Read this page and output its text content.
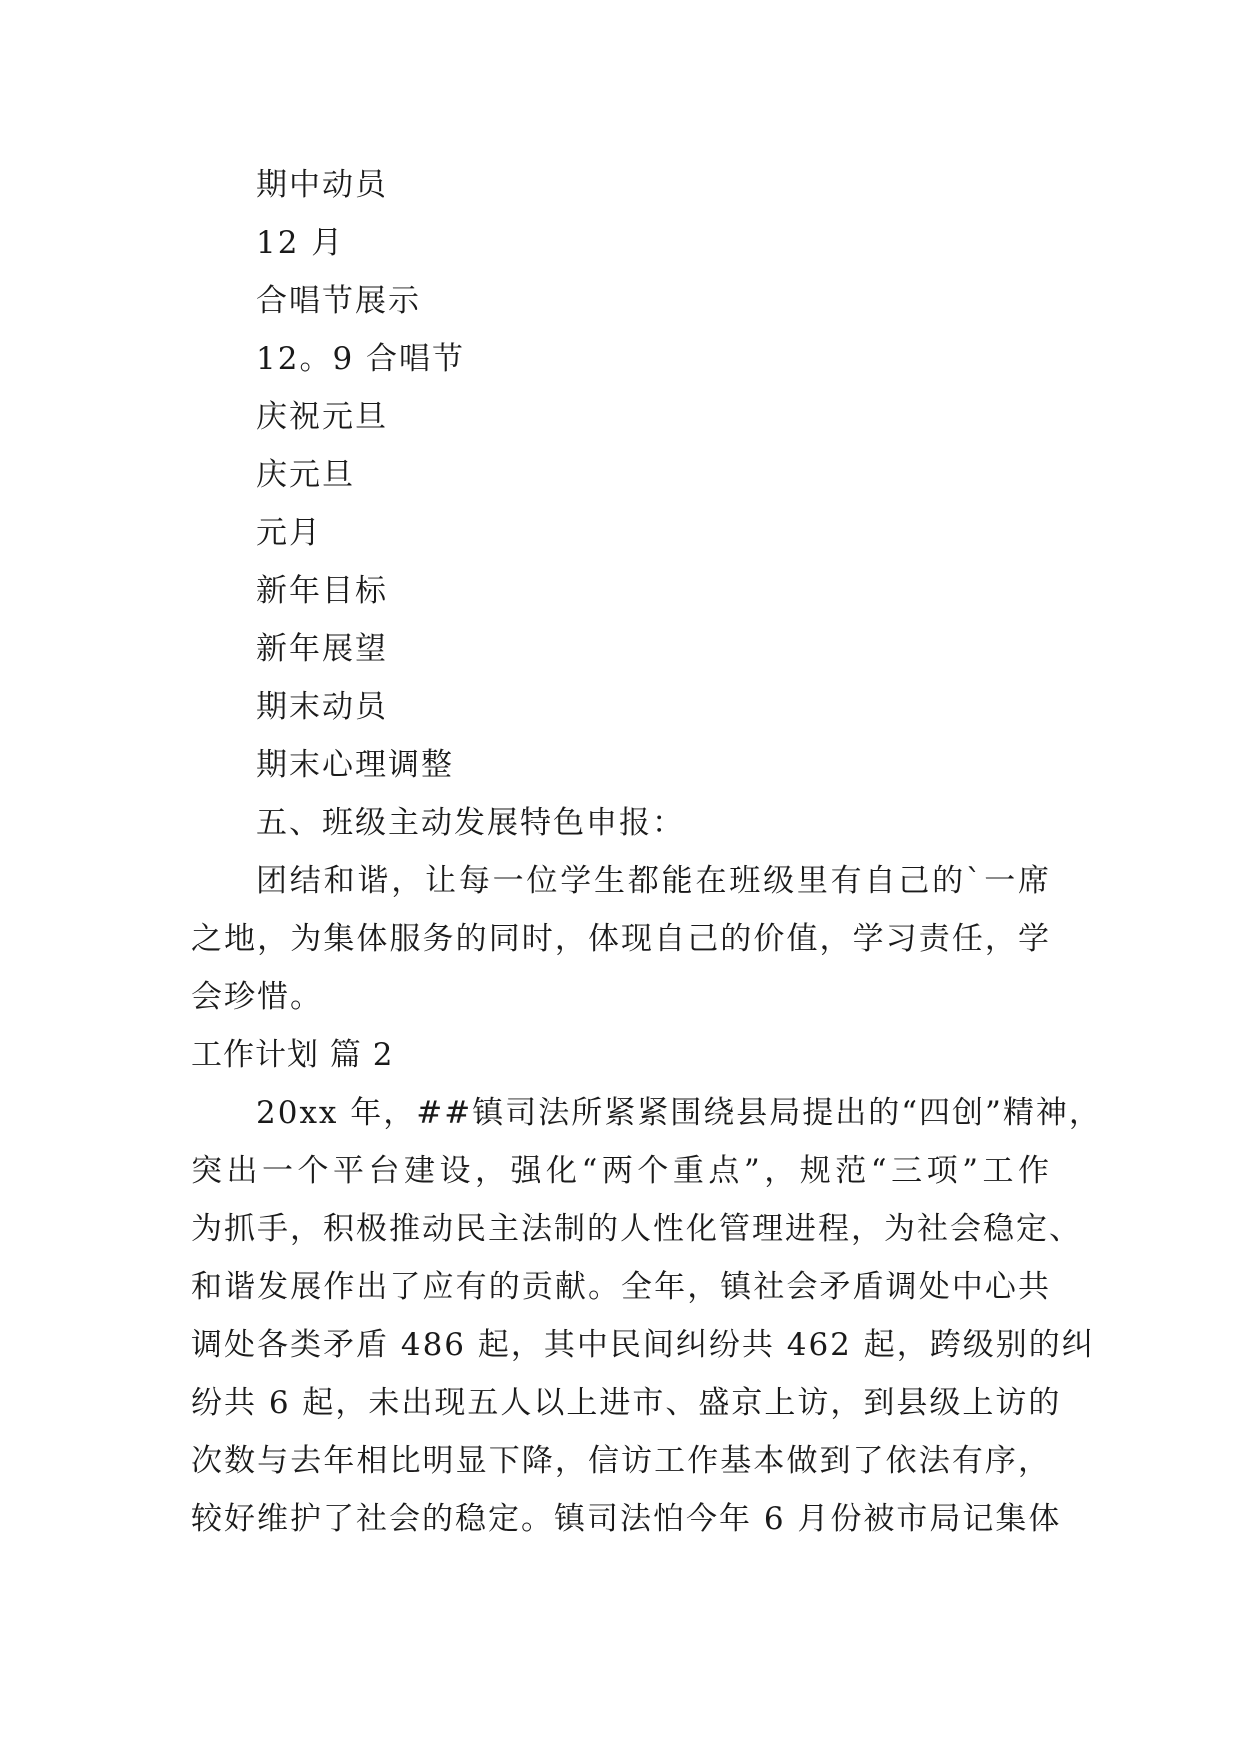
期中动员
12 月
合唱节展示
12。9 合唱节
庆祝元旦
庆元旦
元月
新年目标
新年展望
期末动员
期末心理调整
五、班级主动发展特色申报：
团结和谐，让每一位学生都能在班级里有自己的`一席
之地，为集体服务的同时，体现自己的价值，学习责任，学
会珍惜。
工作计划 篇 2
20xx 年，##镇司法所紧紧围绕县局提出的“四创”精神，
突出一个平台建设，强化“两个重点”，规范“三项”工作
为抓手，积极推动民主法制的人性化管理进程，为社会稳定、
和谐发展作出了应有的贡献。全年，镇社会矛盾调处中心共
调处各类矛盾 486 起，其中民间纠纷共 462 起，跨级别的纠
纷共 6 起，未出现五人以上进市、盛京上访，到县级上访的
次数与去年相比明显下降，信访工作基本做到了依法有序，
较好维护了社会的稳定。镇司法怕今年 6 月份被市局记集体
